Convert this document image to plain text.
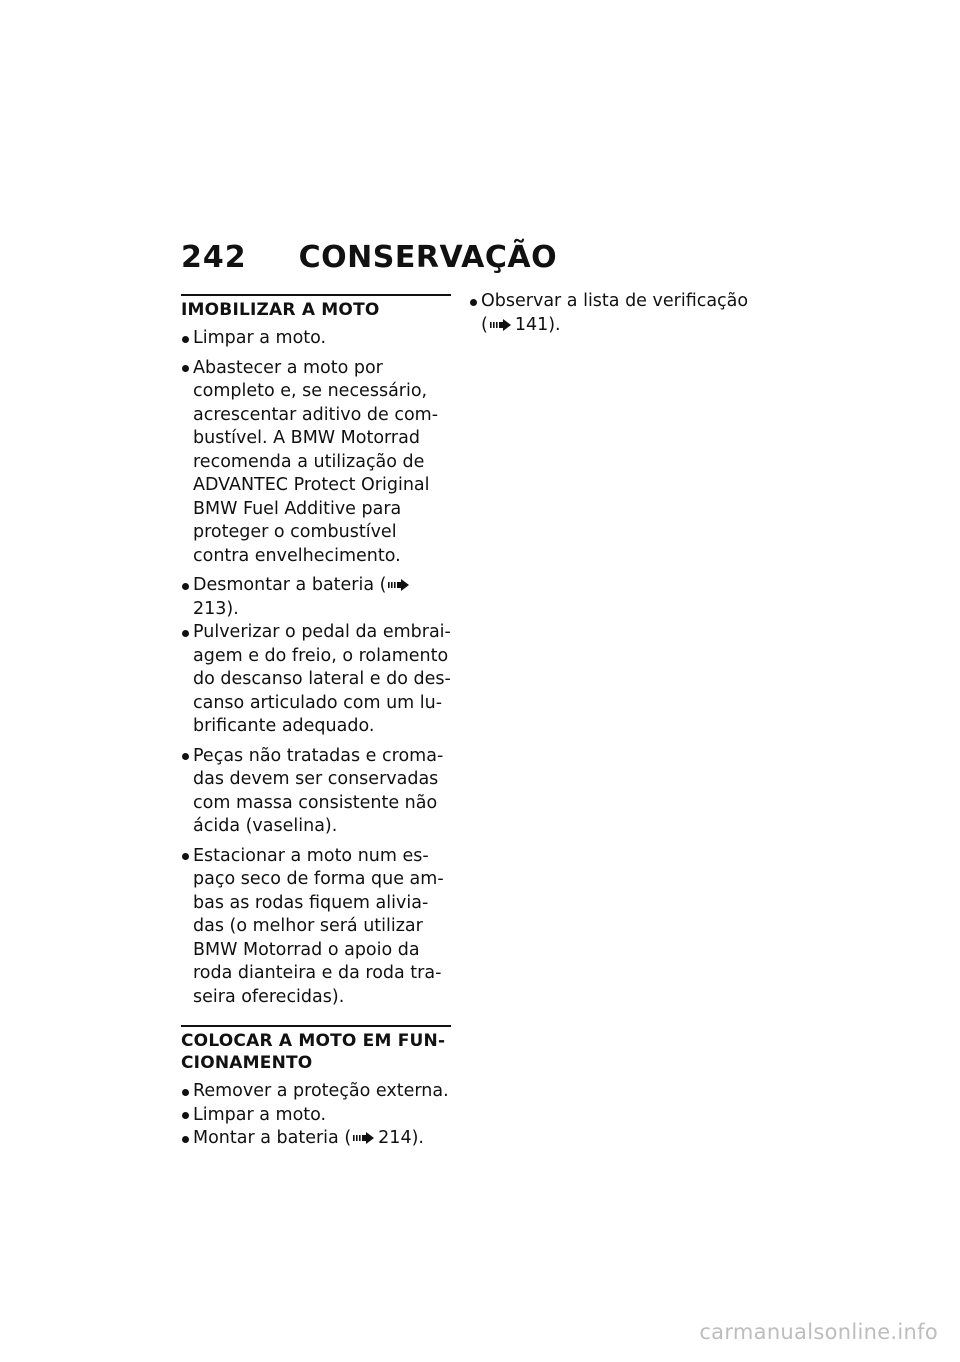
242 CONSERVAÇÃO
IMOBILIZAR A MOTO
Limpar a moto.
Abastecer a moto por completo e, se necessário, acrescentar aditivo de combustível. A BMW Motorrad recomenda a utilização de ADVANTEC Protect Original BMW Fuel Additive para proteger o combustível contra envelhecimento.
Desmontar a bateria (213).
Pulverizar o pedal da embraiagem e do freio, o rolamento do descanso lateral e do descanso articulado com um lubrificante adequado.
Peças não tratadas e cromadas devem ser conservadas com massa consistente não ácida (vaselina).
Estacionar a moto num espaço seco de forma que ambas as rodas fiquem aliviadas (o melhor será utilizar BMW Motorrad o apoio da roda dianteira e da roda traseira oferecidas).
COLOCAR A MOTO EM FUNCIONAMENTO
Remover a proteção externa.
Limpar a moto.
Montar a bateria ( 214).
Observar a lista de verificação ( 141).
carmanualsonline.info
